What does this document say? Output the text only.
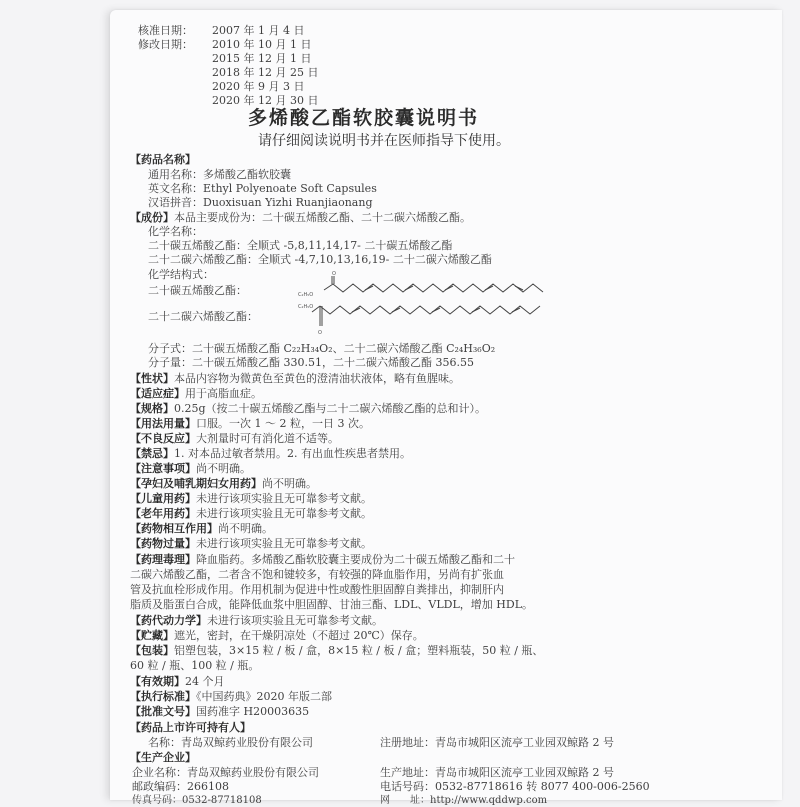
核准日期： 2007 年 1 月 4 日
修改日期： 2010 年 10 月 1 日
2015 年 12 月 1 日
2018 年 12 月 25 日
2020 年 9 月 3 日
2020 年 12 月 30 日
多烯酸乙酯软胶囊说明书
请仔细阅读说明书并在医师指导下使用。
【药品名称】
通用名称：多烯酸乙酯软胶囊
英文名称：Ethyl Polyenoate Soft Capsules
汉语拼音：Duoxisuan Yizhi Ruanjiaonang
【成份】本品主要成份为：二十碳五烯酸乙酯、二十二碳六烯酸乙酯。
化学名称：
二十碳五烯酸乙酯：全顺式 -5,8,11,14,17- 二十碳五烯酸乙酯
二十二碳六烯酸乙酯：全顺式 -4,7,10,13,16,19- 二十二碳六烯酸乙酯
化学结构式：
二十碳五烯酸乙酯：
O
C₂H₅O
C₂H₅O
O
二十二碳六烯酸乙酯：
分子式：二十碳五烯酸乙酯 C₂₂H₃₄O₂、二十二碳六烯酸乙酯 C₂₄H₃₆O₂
分子量：二十碳五烯酸乙酯 330.51，二十二碳六烯酸乙酯 356.55
【性状】本品内容物为微黄色至黄色的澄清油状液体，略有鱼腥味。
【适应症】用于高脂血症。
【规格】0.25g（按二十碳五烯酸乙酯与二十二碳六烯酸乙酯的总和计）。
【用法用量】口服。一次 1 ～ 2 粒，一日 3 次。
【不良反应】大剂量时可有消化道不适等。
【禁忌】1. 对本品过敏者禁用。2. 有出血性疾患者禁用。
【注意事项】尚不明确。
【孕妇及哺乳期妇女用药】尚不明确。
【儿童用药】未进行该项实验且无可靠参考文献。
【老年用药】未进行该项实验且无可靠参考文献。
【药物相互作用】尚不明确。
【药物过量】未进行该项实验且无可靠参考文献。
【药理毒理】降血脂药。多烯酸乙酯软胶囊主要成份为二十碳五烯酸乙酯和二十
二碳六烯酸乙酯，二者含不饱和键较多，有较强的降血脂作用，另尚有扩张血
管及抗血栓形成作用。作用机制为促进中性或酸性胆固醇自粪排出，抑制肝内
脂质及脂蛋白合成，能降低血浆中胆固醇、甘油三酯、LDL、VLDL，增加 HDL。
【药代动力学】未进行该项实验且无可靠参考文献。
【贮藏】遮光，密封，在干燥阴凉处（不超过 20℃）保存。
【包装】铝塑包装，3×15 粒 / 板 / 盒，8×15 粒 / 板 / 盒；塑料瓶装，50 粒 / 瓶、
60 粒 / 瓶、100 粒 / 瓶。
【有效期】24 个月
【执行标准】《中国药典》2020 年版二部
【批准文号】国药准字 H20003635
【药品上市许可持有人】
名称：青岛双鲸药业股份有限公司	注册地址：青岛市城阳区流亭工业园双鲸路 2 号
【生产企业】
企业名称：青岛双鲸药业股份有限公司	生产地址：青岛市城阳区流亭工业园双鲸路 2 号
邮政编码：266108	电话号码：0532-87718616 转 8077 400-006-2560
传真号码：0532-87718108	网　　址：http://www.qddwp.com
